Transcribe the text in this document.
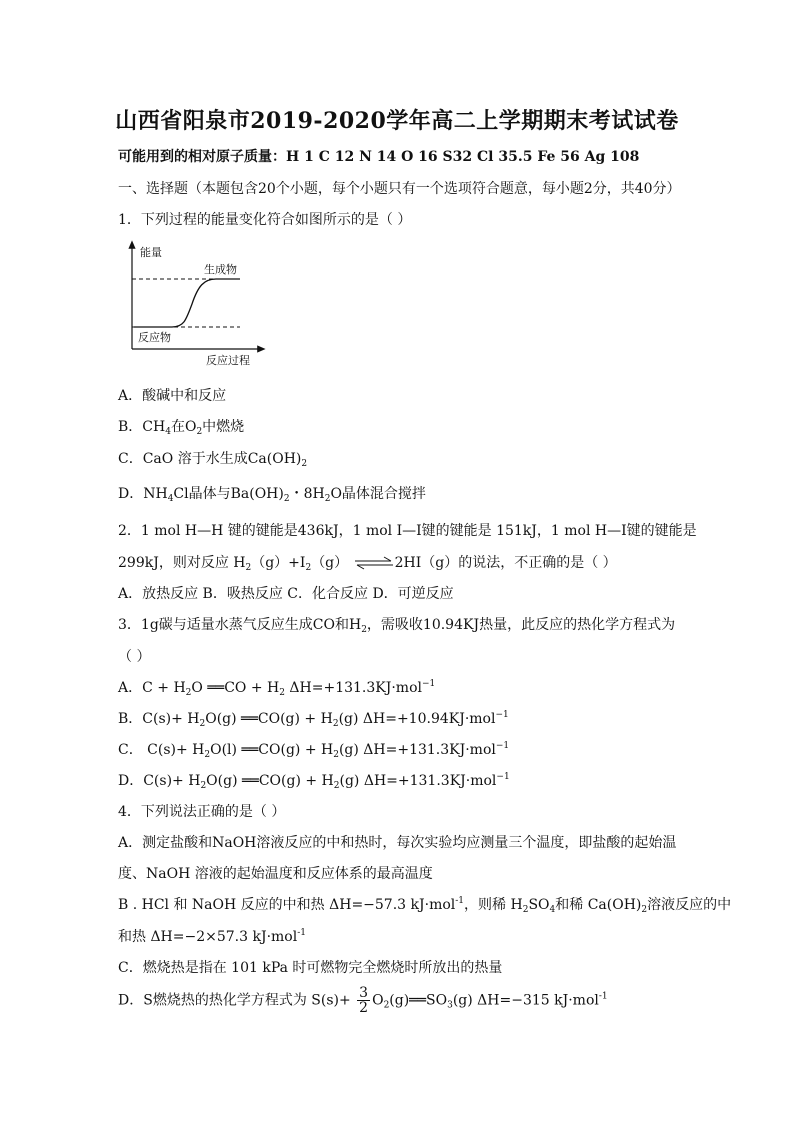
山西省阳泉市2019-2020学年高二上学期期末考试试卷
可能用到的相对原子质量：H 1 C 12 N 14 O 16 S32 Cl 35.5 Fe 56 Ag 108
一、选择题（本题包含20个小题，每个小题只有一个选项符合题意，每小题2分，共40分）
1．下列过程的能量变化符合如图所示的是（ ）
能量
生成物
反应物
反应过程
A．酸碱中和反应
B．$CH_4$在$O_2$中燃烧
C．CaO 溶于水生成$Ca(OH)_2$
D．$NH_4Cl$晶体与$Ba(OH)_2$・$8H_2O$晶体混合搅拌
2．1 mol H—H 键的键能是436kJ，1 mol I—I键的键能是 151kJ，1 mol H—I键的键能是
299kJ，则对反应 $H_2(g)+I_2(g)$ ⇌2HI（g）的说法，不正确的是（ ）
A．放热反应 B．吸热反应 C．化合反应 D．可逆反应
3．1g碳与适量水蒸气反应生成CO和$H_2$，需吸收10.94KJ热量，此反应的热化学方程式为
（ ）
A．$C + H_2O$ ══CO + $H_2$ ΔH=+131.3KJ·mol$^{-1}$
B．$C(s)+ H_2O(g)$ ══CO(g) + $H_2(g)$ ΔH=+10.94KJ·mol$^{-1}$
C． $C(s)+ H_2O(l)$ ══CO(g) + $H_2(g)$ ΔH=+131.3KJ·mol$^{-1}$
D．$C(s)+ H_2O(g)$ ══CO(g) + $H_2(g)$ ΔH=+131.3KJ·mol$^{-1}$
4．下列说法正确的是（ ）
A．测定盐酸和NaOH溶液反应的中和热时，每次实验均应测量三个温度，即盐酸的起始温
度、NaOH 溶液的起始温度和反应体系的最高温度
B . HCl 和 NaOH 反应的中和热 ΔH=−57.3 kJ·mol$^{-1}$，则稀 $H_2SO_4$和稀 $Ca(OH)_2$溶液反应的中
和热 ΔH=−2×57.3 kJ·mol$^{-1}$
C．燃烧热是指在 101 kPa 时可燃物完全燃烧时所放出的热量
D．S燃烧热的热化学方程式为 $S(s)+ \frac{3}{2}$ $O_2(g)══SO_3(g)$ ΔH=−315 kJ·mol$^{-1}$
